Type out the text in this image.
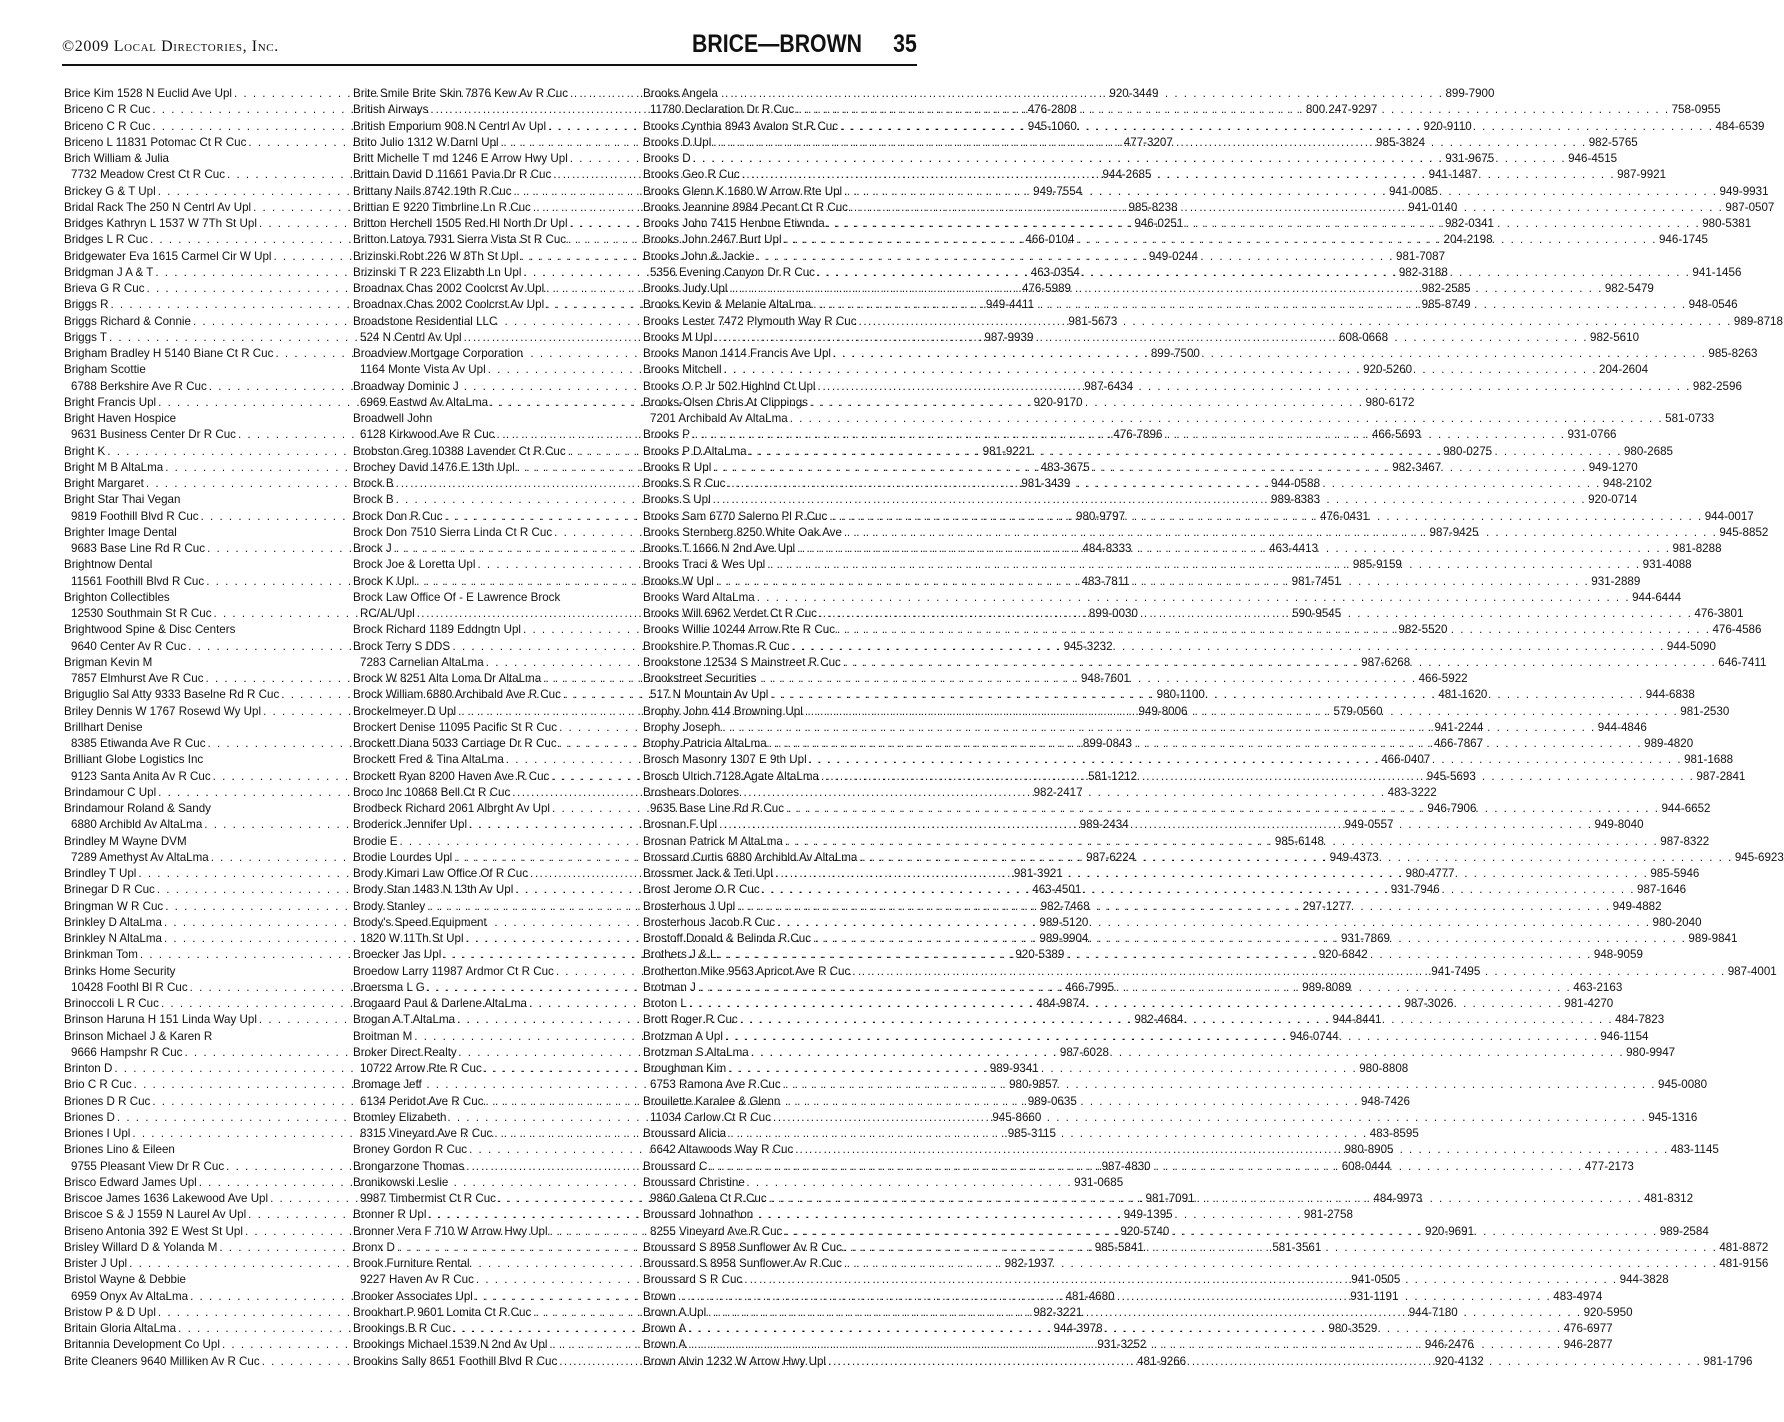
©2009 Local Directories, Inc.	BRICE—BROWN 35
Brice Kim 1528 N Euclid Ave Upl . . .	920-3449
Briceno C R Cuc . . .	476-2808
Briceno C R Cuc . . .	945-1060
Briceno L 11831 Potomac Ct R Cuc . . .	477-3207
Brich William & Julia
7732 Meadow Crest Ct R Cuc . . .	944-2685
Brickey G & T Upl . . .	949-7554
Bridal Rack The 250 N Centrl Av Upl . . .	985-8238
Bridges Kathryn L 1537 W 7Th St Upl . . .	946-0251
Bridges L R Cuc . . .	466-0104
Bridgewater Eva 1615 Carmel Cir W Upl . . .	949-0244
Bridgman J A & T . . .	463-0354
Brieva G R Cuc . . .	476-5989
Briggs R . . .	949-4411
Briggs Richard & Connie . . .	981-5673
Briggs T . . .	987-9939
Brigham Bradley H 5140 Biane Ct R Cuc . . .	899-7500
Brigham Scottie
6788 Berkshire Ave R Cuc . . .	987-6434
Bright Francis Upl . . .	920-9170
Bright Haven Hospice
9631 Business Center Dr R Cuc . . .	476-7896
Bright K . . .	981-9221
Bright M B AltaLma . . .	483-3675
Bright Margaret . . .	981-3439
Bright Star Thai Vegan
9819 Foothill Blvd R Cuc . . .	980-9797
Brighter Image Dental
9683 Base Line Rd R Cuc . . .	484-8333
Brightnow Dental
11561 Foothill Blvd R Cuc . . .	483-7811
Brighton Collectibles
12530 Southmain St R Cuc . . .	899-0030
Brightwood Spine & Disc Centers
9640 Center Av R Cuc . . .	945-3232
Brigman Kevin M
7857 Elmhurst Ave R Cuc . . .	948-7601
Briguglio Sal Atty 9333 Baselne Rd R Cuc . . .	980-1100
Briley Dennis W 1767 Rosewd Wy Upl . . .	949-8006
Brillhart Denise
8385 Etiwanda Ave R Cuc . . .	899-0843
Brilliant Globe Logistics Inc
9123 Santa Anita Av R Cuc . . .	581-1212
Brindamour C Upl . . .	982-2417
Brindamour Roland & Sandy
6880 Archibld Av AltaLma . . .	989-2434
Brindley M Wayne DVM
7289 Amethyst Av AltaLma . . .	987-6224
Brindley T Upl . . .	981-3921
Brinegar D R Cuc . . .	463-4501
Bringman W R Cuc . . .	982-7468
Brinkley D AltaLma . . .	989-5120
Brinkley N AltaLma . . .	989-9904
Brinkman Tom . . .	920-5389
Brinks Home Security
10428 Foothl Bl R Cuc . . .	466-7995
Brinoccoli L R Cuc . . .	484-9874
Brinson Haruna H 151 Linda Way Upl . . .	982-4684
Brinson Michael J & Karen R
9666 Hampshr R Cuc . . .	987-6028
Brinton D . . .	989-9341
Brio C R Cuc . . .	980-9857
Briones D R Cuc . . .	989-0635
Briones D . . .	945-8660
Briones I Upl . . .	985-3115
Briones Lino & Eileen
9755 Pleasant View Dr R Cuc . . .	987-4830
Brisco Edward James Upl . . .	931-0685
Briscoe James 1636 Lakewood Ave Upl . . .	981-7091
Briscoe S & J 1559 N Laurel Av Upl . . .	949-1395
Briseno Antonia 392 E West St Upl . . .	920-5740
Brisley Willard D & Yolanda M . . .	985-5841
Brister J Upl . . .	982-1937
Bristol Wayne & Debbie
6959 Onyx Av AltaLma . . .	481-4680
Bristow P & D Upl . . .	982-3221
Britain Gloria AltaLma . . .	944-3978
Britannia Development Co Upl . . .	931-3252
Brite Cleaners 9640 Milliken Av R Cuc . . .	481-9266
Brite Smile Brite Skin 7876 Kew Av R Cuc . . .	899-7900
British Airways . . .	800 247-9297
British Emporium 908 N Centrl Av Upl . . .	920-9110
Brito Julio 1312 W Darnl Upl . . .	985-3824
Britt Michelle T md 1246 E Arrow Hwy Upl . . .	931-9675
Brittain David D 11661 Pavia Dr R Cuc . . .	941-1487
Brittany Nails 8742 19th R Cuc . . .	941-0085
Brittian E 9220 Timbrline Ln R Cuc . . .	941-0140
Britton Herchell 1505 Red Hl North Dr Upl . . .	982-0341
Britton Latoya 7931 Sierra Vista St R Cuc . . .	204-2198
Brizinski Robt 226 W 8Th St Upl . . .	981-7087
Brizinski T R 223 Elizabth Ln Upl . . .	982-3188
Broadnax Chas 2002 Coolcrst Av Upl . . .	982-2585
Broadnax Chas 2002 Coolcrst Av Upl . . .	985-8749
Broadstone Residential LLC
524 N Centrl Av Upl . . .	608-0668
Broadview Mortgage Corporation
1164 Monte Vista Av Upl . . .	920-5260
Broadway Dominic J
6969 Eastwd Av AltaLma . . .	980-6172
Broadwell John
6128 Kirkwood Ave R Cuc . . .	466-5693
Brobston Greg 10388 Lavender Ct R Cuc . . .	980-0275
Brochey David 1476 E 13th Upl . . .	982-3467
Brock B . . .	944-0588
Brock B . . .	989-8383
Brock Don R Cuc . . .	476-0431
Brock Don 7510 Sierra Linda Ct R Cuc . . .	987-9425
Brock J . . .	463-4413
Brock Joe & Loretta Upl . . .	985-9159
Brock K Upl . . .	981-7451
Brock Law Office Of - E Lawrence Brock
RC/AL/Upl . . .	590-9545
Brock Richard 1189 Eddngtn Upl . . .	982-5520
Brock Terry S DDS
7283 Carnelian AltaLma . . .	987-6268
Brock W 8251 Alta Loma Dr AltaLma . . .	466-5922
Brock William 6880 Archibald Ave R Cuc . . .	481-1620
Brockelmeyer D Upl . . .	579-0560
Brockert Denise 11095 Pacific St R Cuc . . .	941-2244
Brockett Diana 5033 Carriage Dr R Cuc . . .	466-7867
Brockett Fred & Tina AltaLma . . .	466-0407
Brockett Ryan 8200 Haven Ave R Cuc . . .	945-5693
Broco Inc 10868 Bell Ct R Cuc . . .	483-3222
Brodbeck Richard 2061 Albrght Av Upl . . .	946-7906
Broderick Jennifer Upl . . .	949-0557
Brodie E . . .	985-6148
Brodie Lourdes Upl . . .	949-4373
Brody Kimari Law Office Of R Cuc . . .	980-4777
Brody Stan 1483 N 13th Av Upl . . .	931-7946
Brody Stanley . . .	297-1277
Brody's Speed Equipment
1820 W 11Th St Upl . . .	931-7869
Broecker Jas Upl . . .	920-6842
Broedow Larry 11987 Ardmor Ct R Cuc . . .	941-7495
Broersma L G . . .	989-8089
Brogaard Paul & Darlene AltaLma . . .	987-3026
Brogan A T AltaLma . . .	944-8441
Broitman M . . .	946-0744
Broker Direct Realty
10722 Arrow Rte R Cuc . . .	980-8808
Bromage Jeff
6134 Peridot Ave R Cuc . . .	948-7426
Bromley Elizabeth
8315 Vineyard Ave R Cuc . . .	483-8595
Broney Gordon R Cuc . . .	980-8905
Brongarzone Thomas . . .	608-0444
Bronikowski Leslie
9987 Timbermist Ct R Cuc . . .	484-9973
Bronner R Upl . . .	981-2758
Bronner Vera F 710 W Arrow Hwy Upl . . .	920-9691
Bronx D . . .	581-3561
Brook Furniture Rental
9227 Haven Av R Cuc . . .	941-0505
Brooker Associates Upl . . .	931-1191
Brookhart P 9601 Lomita Ct R Cuc . . .	944-7180
Brookings B R Cuc . . .	980-3529
Brookings Michael 1539 N 2nd Av Upl . . .	946-2476
Brookins Sally 8651 Foothill Blvd R Cuc . . .	920-4132
Brooks Angela
11780 Declaration Dr R Cuc . . .	758-0955
Brooks Cynthia 8943 Avalon St R Cuc . . .	484-6539
Brooks D Upl . . .	982-5765
Brooks D . . .	946-4515
Brooks Geo R Cuc . . .	987-9921
Brooks Glenn K 1680 W Arrow Rte Upl . . .	949-9931
Brooks Jeannine 8984 Pecant Ct R Cuc . . .	987-0507
Brooks John 7415 Henbne Etiwnda . . .	980-5381
Brooks John 2467 Burt Upl . . .	946-1745
Brooks John & Jackie
5356 Evening Canyon Dr R Cuc . . .	941-1456
Brooks Judy Upl . . .	982-5479
Brooks Kevin & Melanie AltaLma . . .	948-0546
Brooks Lester 7472 Plymouth Way R Cuc . . .	989-8718
Brooks M Upl . . .	982-5610
Brooks Manon 1414 Francis Ave Upl . . .	985-8263
Brooks Mitchell . . .	204-2604
Brooks O P Jr 502 Highlnd Ct Upl . . .	982-2596
Brooks-Olsen Chris At Clippings
7201 Archibald Av AltaLma . . .	581-0733
Brooks P . . .	931-0766
Brooks P D AltaLma . . .	980-2685
Brooks R Upl . . .	949-1270
Brooks S R Cuc . . .	948-2102
Brooks S Upl . . .	920-0714
Brooks Sam 6770 Salerno Pl R Cuc . . .	944-0017
Brooks Sternberg 8250 White Oak Ave . . .	945-8852
Brooks T 1666 N 2nd Ave Upl . . .	981-8288
Brooks Traci & Wes Upl . . .	931-4088
Brooks W Upl . . .	931-2889
Brooks Ward AltaLma . . .	944-6444
Brooks Will 6962 Verdet Ct R Cuc . . .	476-3801
Brooks Willie 10244 Arrow Rte R Cuc . . .	476-4586
Brookshire P Thomas R Cuc . . .	944-5090
Brookstone 12534 S Mainstreet R Cuc . . .	646-7411
Brookstreet Securities
517 N Mountain Av Upl . . .	944-6838
Brophy John 414 Browning Upl . . .	981-2530
Brophy Joseph . . .	944-4846
Brophy Patricia AltaLma . . .	989-4820
Brosch Masonry 1307 E 9th Upl . . .	981-1688
Brosch Ulrich 7128 Agate AltaLma . . .	987-2841
Broshears Dolores
9635 Base Line Rd R Cuc . . .	944-6652
Brosnan F Upl . . .	949-8040
Brosnan Patrick M AltaLma . . .	987-8322
Brossard Curtis 6880 Archibld Av AltaLma . . .	945-6923
Brossmer Jack & Teri Upl . . .	985-5946
Brost Jerome O R Cuc . . .	987-1646
Brosterhous J Upl . . .	949-4882
Brosterhous Jacob R Cuc . . .	980-2040
Brostoff Donald & Belinda R Cuc . . .	989-9841
Brothers J & L . . .	948-9059
Brotherton Mike 9563 Apricot Ave R Cuc . . .	987-4001
Brotman J . . .	463-2163
Broton L . . .	981-4270
Brott Roger R Cuc . . .	484-7823
Brotzman A Upl . . .	946-1154
Brotzman S AltaLma . . .	980-9947
Broughman Kim
6753 Ramona Ave R Cuc . . .	945-0080
Brouilette Karalee & Glenn
11034 Carlow Ct R Cuc . . .	945-1316
Broussard Alicia
6642 Altawoods Way R Cuc . . .	483-1145
Broussard C . . .	477-2173
Broussard Christine
9860 Galena Ct R Cuc . . .	481-8312
Broussard Johnathon
8255 Vineyard Ave R Cuc . . .	989-2584
Broussard S 8958 Sunflower Av R Cuc . . .	481-8872
Broussard S 8958 Sunflower Av R Cuc . . .	481-9156
Broussard S R Cuc . . .	944-3828
Brown . . .	483-4974
Brown A Upl . . .	920-5950
Brown A . . .	476-6977
Brown A . . .	946-2877
Brown Alvin 1232 W Arrow Hwy Upl . . .	981-1796
